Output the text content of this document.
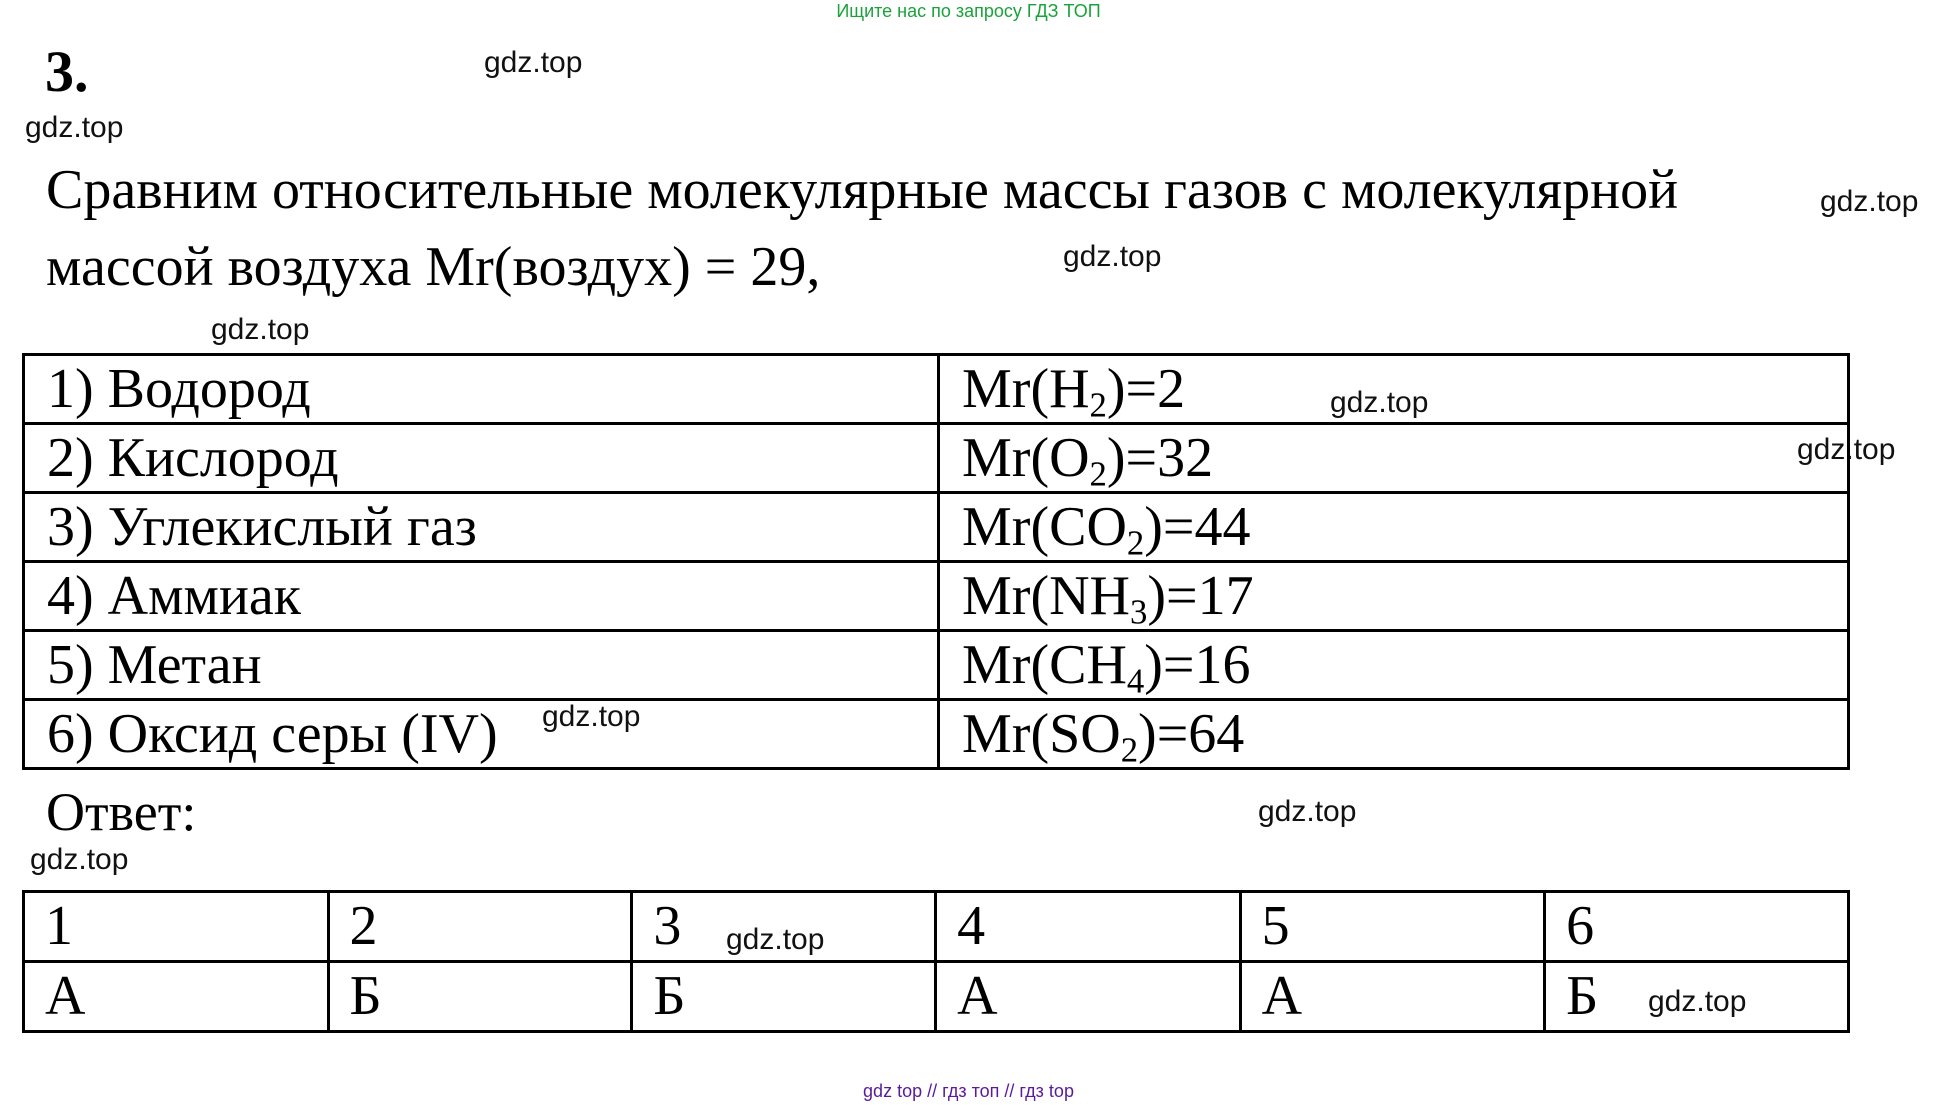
Ищите нас по запросу ГДЗ ТОП
3.
Сравним относительные молекулярные массы газов с молекулярной
массой воздуха Mr(воздух) = 29,
gdz.top
gdz.top
gdz.top
gdz.top
gdz.top
gdz.top
gdz.top
gdz.top
gdz.top
gdz.top
gdz.top
gdz.top
1) Водород	$Mr(H_2)=2$
2) Кислород	$Mr(O_2)=32$
3) Углекислый газ	$Mr(CO_2)=44$
4) Аммиак	$Mr(NH_3)=17$
5) Метан	$Mr(CH_4)=16$
6) Оксид серы (IV)	$Mr(SO_2)=64$
Ответ:
1	2	3	4	5	6
А	Б	Б	А	А	Б
gdz top // гдз топ // гдз top
